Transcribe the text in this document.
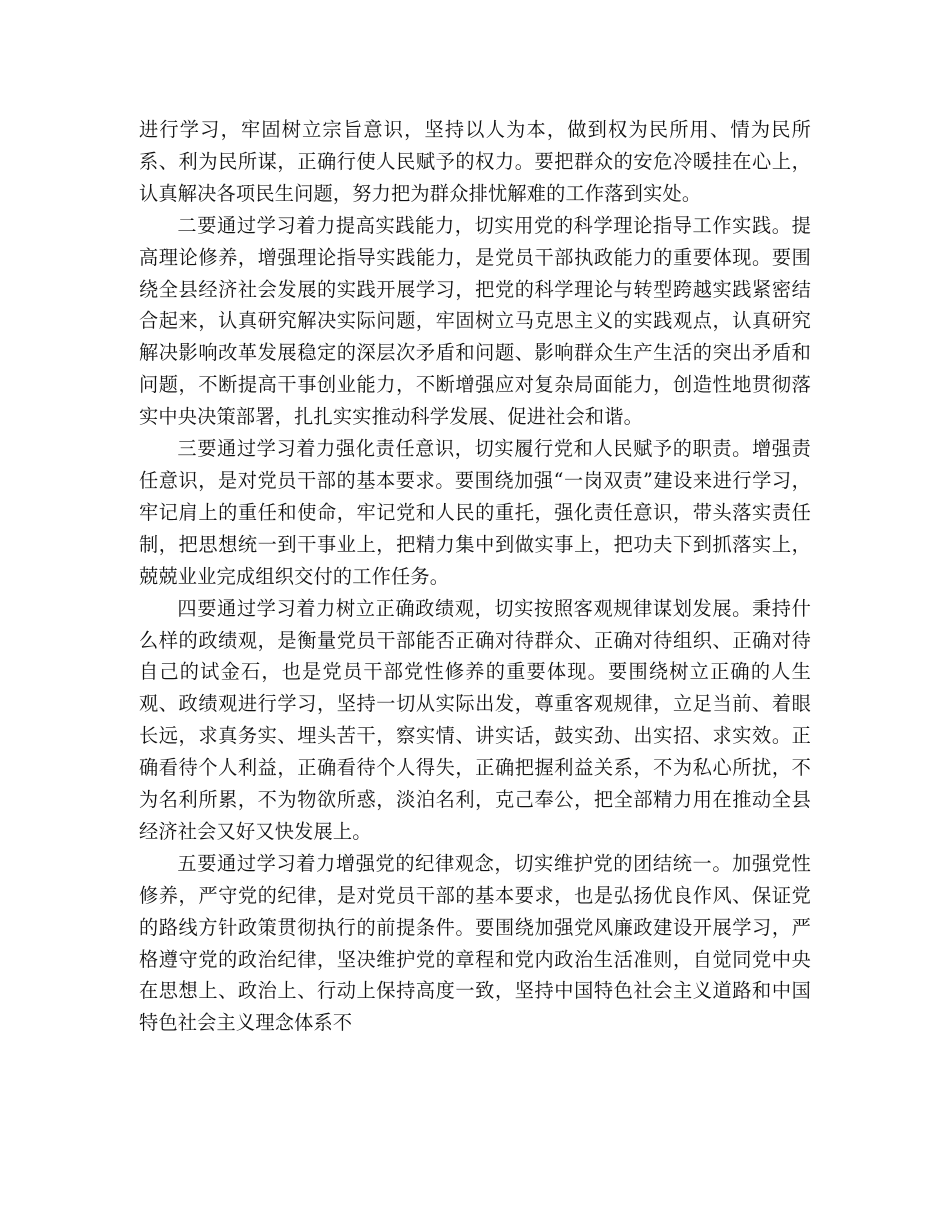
进行学习，牢固树立宗旨意识，坚持以人为本，做到权为民所用、情为民所系、利为民所谋，正确行使人民赋予的权力。要把群众的安危冷暖挂在心上，认真解决各项民生问题，努力把为群众排忧解难的工作落到实处。

二要通过学习着力提高实践能力，切实用党的科学理论指导工作实践。提高理论修养，增强理论指导实践能力，是党员干部执政能力的重要体现。要围绕全县经济社会发展的实践开展学习，把党的科学理论与转型跨越实践紧密结合起来，认真研究解决实际问题，牢固树立马克思主义的实践观点，认真研究解决影响改革发展稳定的深层次矛盾和问题、影响群众生产生活的突出矛盾和问题，不断提高干事创业能力，不断增强应对复杂局面能力，创造性地贯彻落实中央决策部署，扎扎实实推动科学发展、促进社会和谐。

三要通过学习着力强化责任意识，切实履行党和人民赋予的职责。增强责任意识，是对党员干部的基本要求。要围绕加强“一岗双责”建设来进行学习，牢记肩上的重任和使命，牢记党和人民的重托，强化责任意识，带头落实责任制，把思想统一到干事业上，把精力集中到做实事上，把功夫下到抓落实上，兢兢业业完成组织交付的工作任务。

四要通过学习着力树立正确政绩观，切实按照客观规律谋划发展。秉持什么样的政绩观，是衡量党员干部能否正确对待群众、正确对待组织、正确对待自己的试金石，也是党员干部党性修养的重要体现。要围绕树立正确的人生观、政绩观进行学习，坚持一切从实际出发，尊重客观规律，立足当前、着眼长远，求真务实、埋头苦干，察实情、讲实话，鼓实劲、出实招、求实效。正确看待个人利益，正确看待个人得失，正确把握利益关系，不为私心所扰，不为名利所累，不为物欲所惑，淡泊名利，克己奉公，把全部精力用在推动全县经济社会又好又快发展上。

五要通过学习着力增强党的纪律观念，切实维护党的团结统一。加强党性修养，严守党的纪律，是对党员干部的基本要求，也是弘扬优良作风、保证党的路线方针政策贯彻执行的前提条件。要围绕加强党风廉政建设开展学习，严格遵守党的政治纪律，坚决维护党的章程和党内政治生活准则，自觉同党中央在思想上、政治上、行动上保持高度一致，坚持中国特色社会主义道路和中国特色社会主义理念体系不
